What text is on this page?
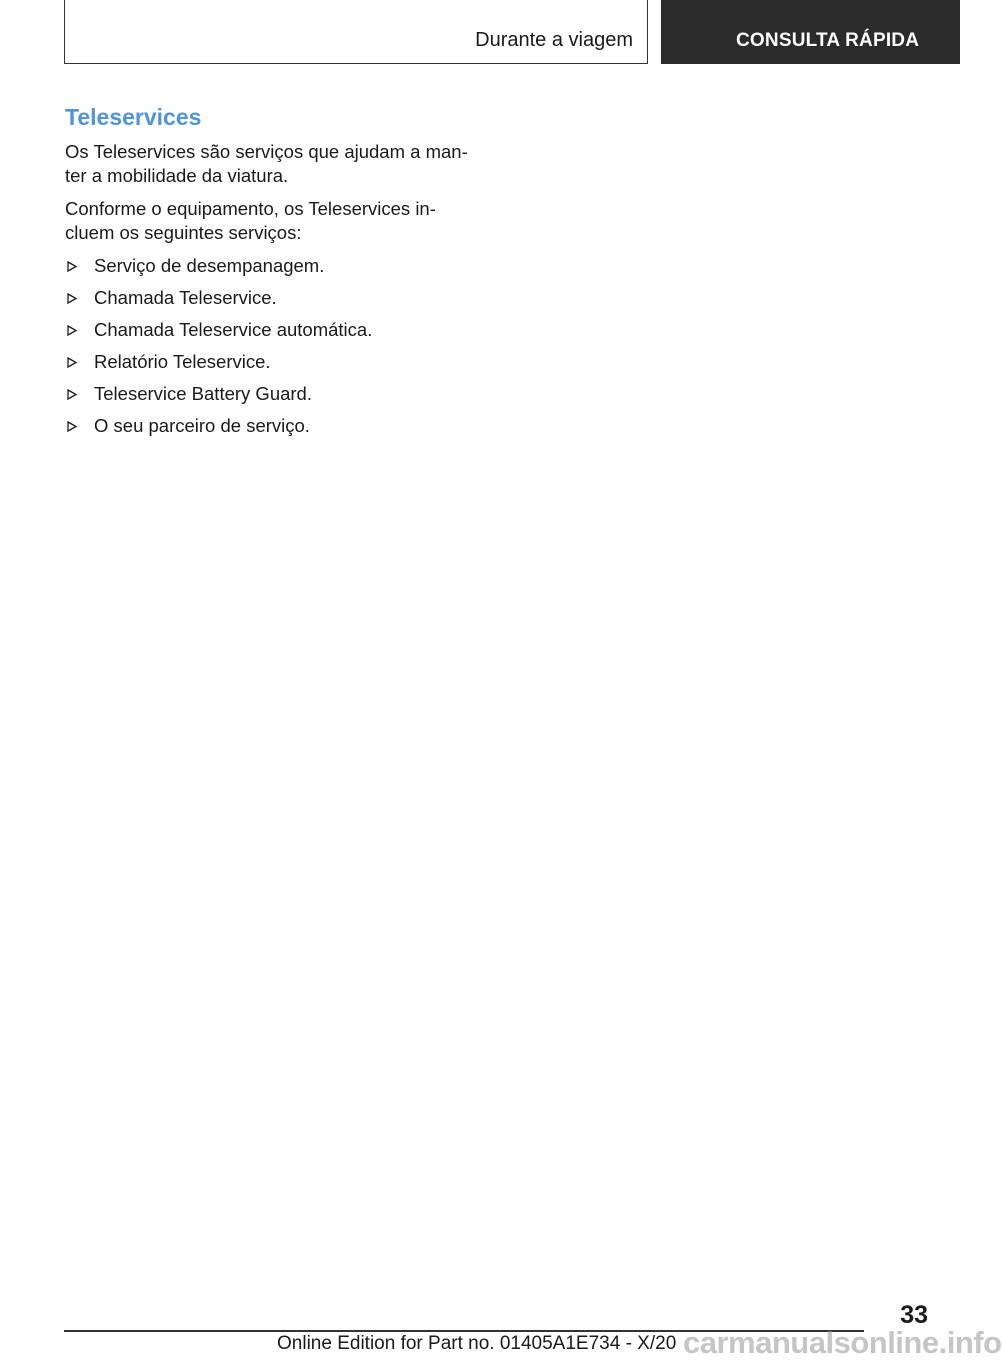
Durante a viagem	CONSULTA RÁPIDA
Teleservices

Os Teleservices são serviços que ajudam a man-
ter a mobilidade da viatura.

Conforme o equipamento, os Teleservices in-
cluem os seguintes serviços:

Serviço de desempanagem.
Chamada Teleservice.
Chamada Teleservice automática.
Relatório Teleservice.
Teleservice Battery Guard.
O seu parceiro de serviço.
33
Online Edition for Part no. 01405A1E734 - X/20 carmanualsonline.info
